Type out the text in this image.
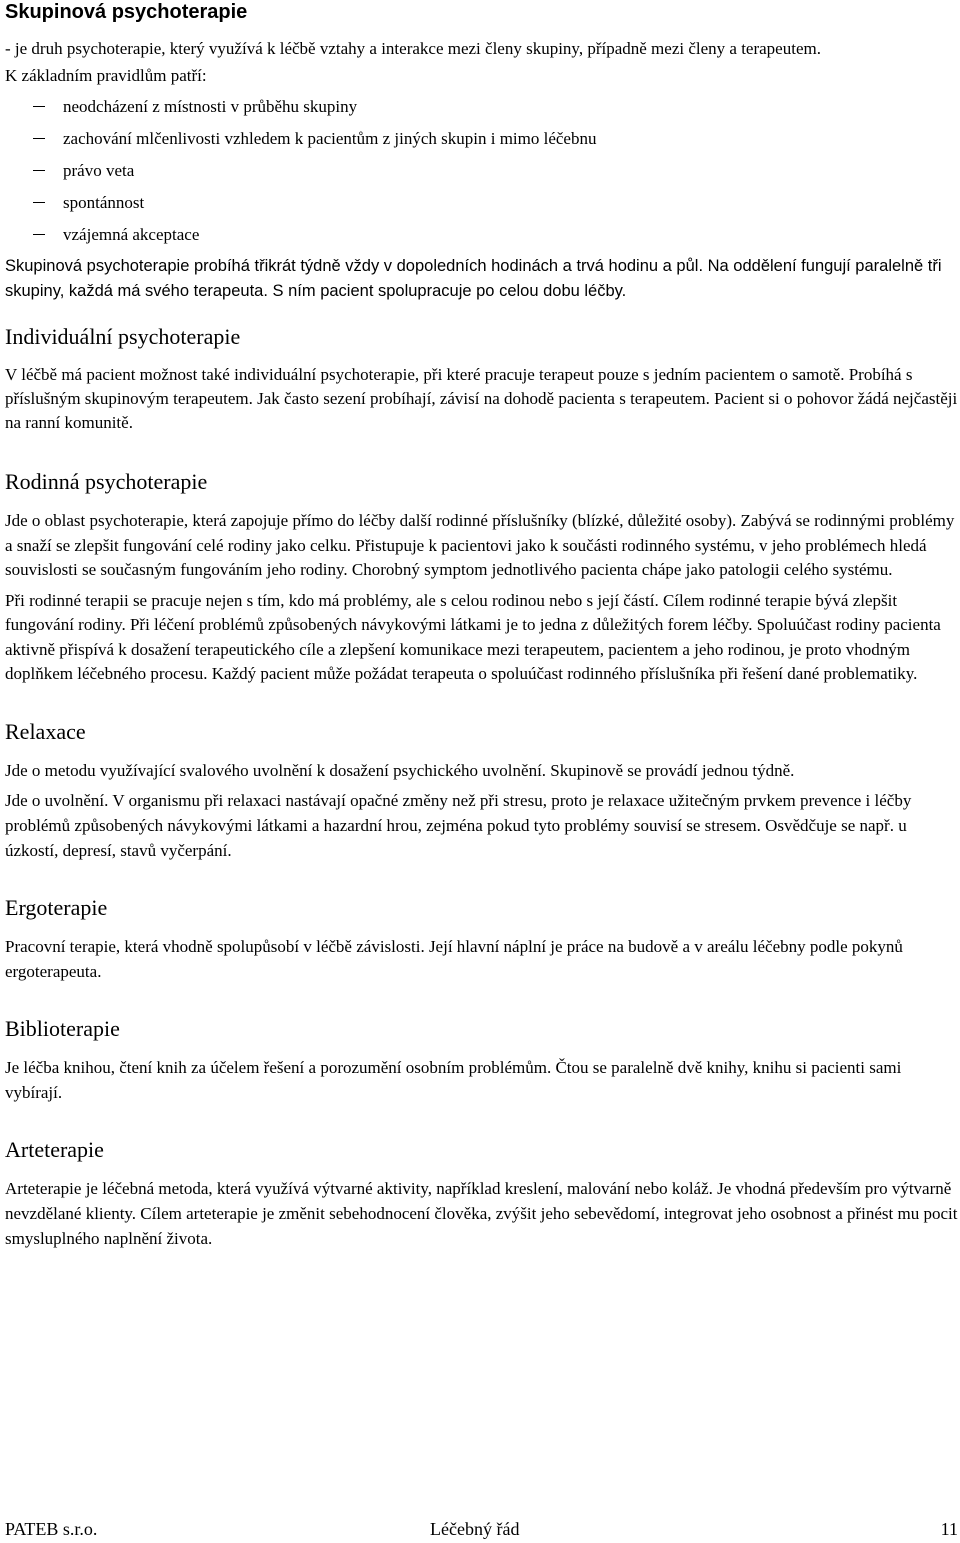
Skupinová psychoterapie

- je druh psychoterapie, který využívá k léčbě vztahy a interakce mezi členy skupiny, případně mezi členy a terapeutem.

K základním pravidlům patří:

neodcházení z místnosti v průběhu skupiny
zachování mlčenlivosti vzhledem k pacientům z jiných skupin i mimo léčebnu
právo veta
spontánnost
vzájemná akceptace

Skupinová psychoterapie probíhá třikrát týdně vždy v dopoledních hodinách a trvá hodinu a půl. Na oddělení fungují paralelně tři skupiny, každá má svého terapeuta. S ním pacient spolupracuje po celou dobu léčby.

Individuální psychoterapie

V léčbě má pacient možnost také individuální psychoterapie, při které pracuje terapeut pouze s jedním pacientem o samotě. Probíhá s příslušným skupinovým terapeutem. Jak často sezení probíhají, závisí na dohodě pacienta s terapeutem. Pacient si o pohovor žádá nejčastěji na ranní komunitě.

Rodinná psychoterapie

Jde o oblast psychoterapie, která zapojuje přímo do léčby další rodinné příslušníky (blízké, důležité osoby). Zabývá se rodinnými problémy a snaží se zlepšit fungování celé rodiny jako celku. Přistupuje k pacientovi jako k součásti rodinného systému, v jeho problémech hledá souvislosti se současným fungováním jeho rodiny. Chorobný symptom jednotlivého pacienta chápe jako patologii celého systému.

Při rodinné terapii se pracuje nejen s tím, kdo má problémy, ale s celou rodinou nebo s její částí. Cílem rodinné terapie bývá zlepšit fungování rodiny. Při léčení problémů způsobených návykovými látkami je to jedna z důležitých forem léčby. Spoluúčast rodiny pacienta aktivně přispívá k dosažení terapeutického cíle a zlepšení komunikace mezi terapeutem, pacientem a jeho rodinou, je proto vhodným doplňkem léčebného procesu. Každý pacient může požádat terapeuta o spoluúčast rodinného příslušníka při řešení dané problematiky.

Relaxace

Jde o metodu využívající svalového uvolnění k dosažení psychického uvolnění. Skupinově se provádí jednou týdně.

Jde o uvolnění. V organismu při relaxaci nastávají opačné změny než při stresu, proto je relaxace užitečným prvkem prevence i léčby problémů způsobených návykovými látkami a hazardní hrou, zejména pokud tyto problémy souvisí se stresem. Osvědčuje se např. u úzkostí, depresí, stavů vyčerpání.

Ergoterapie

Pracovní terapie, která vhodně spolupůsobí v léčbě závislosti. Její hlavní náplní je práce na budově a v areálu léčebny podle pokynů ergoterapeuta.

Biblioterapie

Je léčba knihou, čtení knih za účelem řešení a porozumění osobním problémům. Čtou se paralelně dvě knihy, knihu si pacienti sami vybírají.

Arteterapie

Arteterapie je léčebná metoda, která využívá výtvarné aktivity, například kreslení, malování nebo koláž. Je vhodná především pro výtvarně nevzdělané klienty. Cílem arteterapie je změnit sebehodnocení člověka, zvýšit jeho sebevědomí, integrovat jeho osobnost a přinést mu pocit smysluplného naplnění života.

PATEB s.r.o.	Léčebný řád	11
